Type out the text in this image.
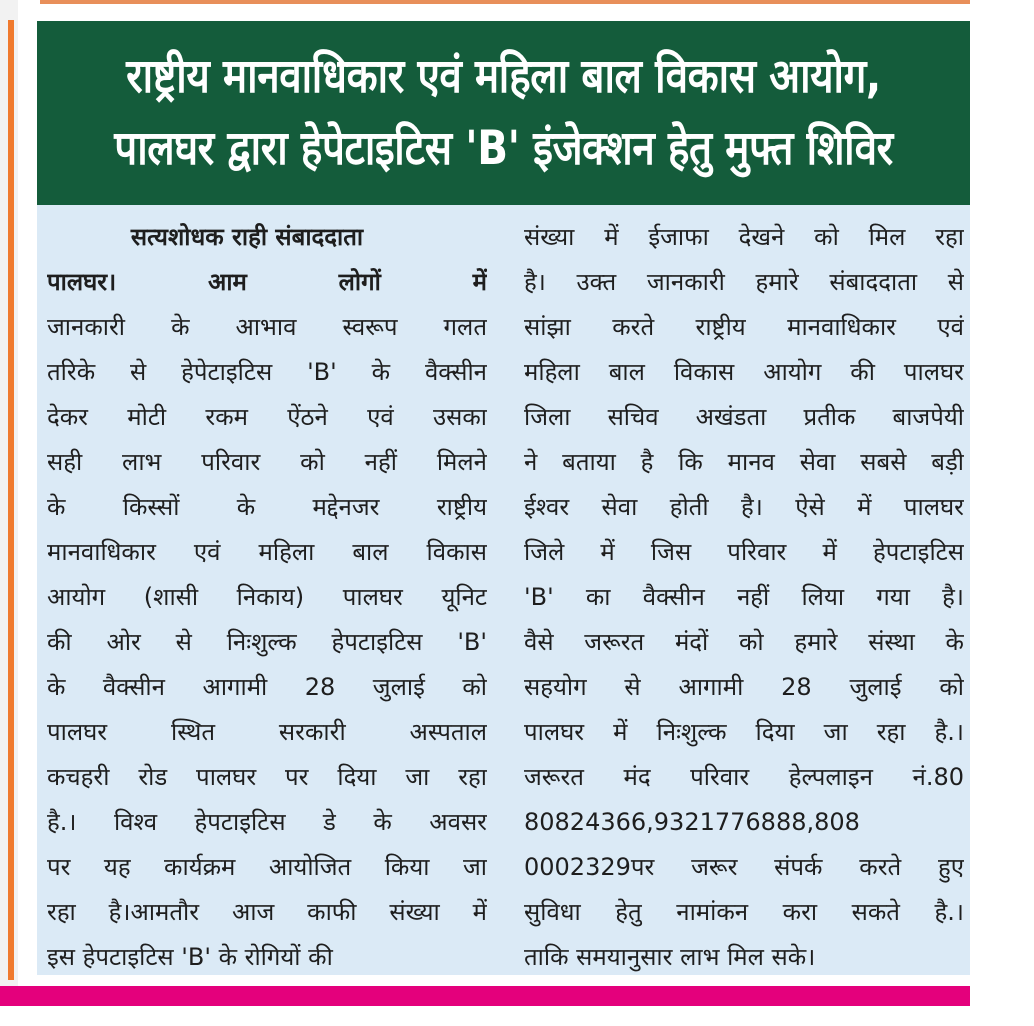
राष्ट्रीय मानवाधिकार एवं महिला बाल विकास आयोग,
पालघर द्वारा हेपेटाइटिस 'B' इंजेक्शन हेतु मुफ्त शिविर
सत्यशोधक राही संबाददाता
पालघर। आम लोगों में
जानकारी के आभाव स्वरूप गलत
तरिके से हेपेटाइटिस 'B' के वैक्सीन
देकर मोटी रकम ऐंठने एवं उसका
सही लाभ परिवार को नहीं मिलने
के किस्सों के मद्देनजर राष्ट्रीय
मानवाधिकार एवं महिला बाल विकास
आयोग (शासी निकाय) पालघर यूनिट
की ओर से निःशुल्क हेपटाइटिस 'B'
के वैक्सीन आगामी 28 जुलाई को
पालघर स्थित सरकारी अस्पताल
कचहरी रोड पालघर पर दिया जा रहा
है.। विश्व हेपटाइटिस डे के अवसर
पर यह कार्यक्रम आयोजित किया जा
रहा है।आमतौर आज काफी संख्या में
इस हेपटाइटिस 'B' के रोगियों की
संख्या में ईजाफा देखने को मिल रहा
है। उक्त जानकारी हमारे संबाददाता से
सांझा करते राष्ट्रीय मानवाधिकार एवं
महिला बाल विकास आयोग की पालघर
जिला सचिव अखंडता प्रतीक बाजपेयी
ने बताया है कि मानव सेवा सबसे बड़ी
ईश्वर सेवा होती है। ऐसे में पालघर
जिले में जिस परिवार में हेपटाइटिस
'B' का वैक्सीन नहीं लिया गया है।
वैसे जरूरत मंदों को हमारे संस्था के
सहयोग से आगामी 28 जुलाई को
पालघर में निःशुल्क दिया जा रहा है.।
जरूरत मंद परिवार हेल्पलाइन नं.80
80824366,9321776888,808
0002329पर जरूर संपर्क करते हुए
सुविधा हेतु नामांकन करा सकते है.।
ताकि समयानुसार लाभ मिल सके।
